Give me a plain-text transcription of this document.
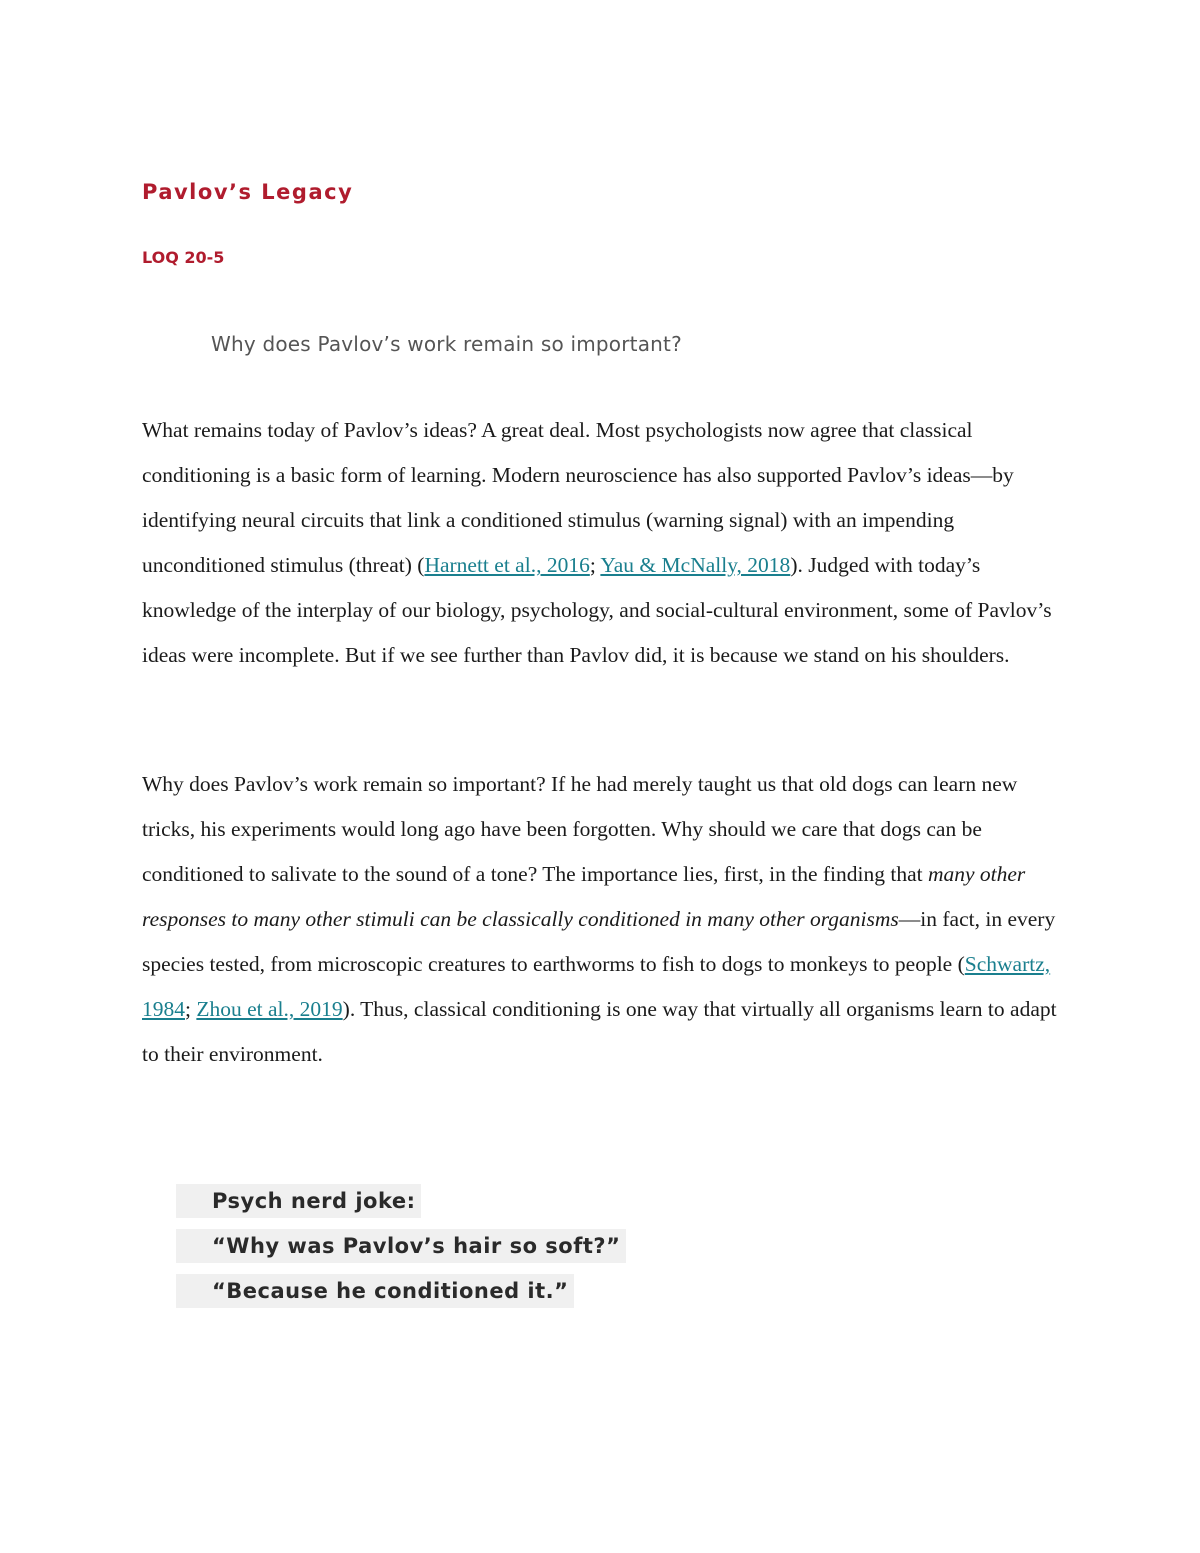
Pavlov’s Legacy
LOQ 20-5

Why does Pavlov’s work remain so important?

What remains today of Pavlov’s ideas? A great deal. Most psychologists now agree that classical conditioning is a basic form of learning. Modern neuroscience has also supported Pavlov’s ideas—by identifying neural circuits that link a conditioned stimulus (warning signal) with an impending unconditioned stimulus (threat) (Harnett et al., 2016; Yau & McNally, 2018). Judged with today’s knowledge of the interplay of our biology, psychology, and social-cultural environment, some of Pavlov’s ideas were incomplete. But if we see further than Pavlov did, it is because we stand on his shoulders.

Why does Pavlov’s work remain so important? If he had merely taught us that old dogs can learn new tricks, his experiments would long ago have been forgotten. Why should we care that dogs can be conditioned to salivate to the sound of a tone? The importance lies, first, in the finding that many other responses to many other stimuli can be classically conditioned in many other organisms—in fact, in every species tested, from microscopic creatures to earthworms to fish to dogs to monkeys to people (Schwartz, 1984; Zhou et al., 2019). Thus, classical conditioning is one way that virtually all organisms learn to adapt to their environment.

Psych nerd joke:

“Why was Pavlov’s hair so soft?”

“Because he conditioned it.”
